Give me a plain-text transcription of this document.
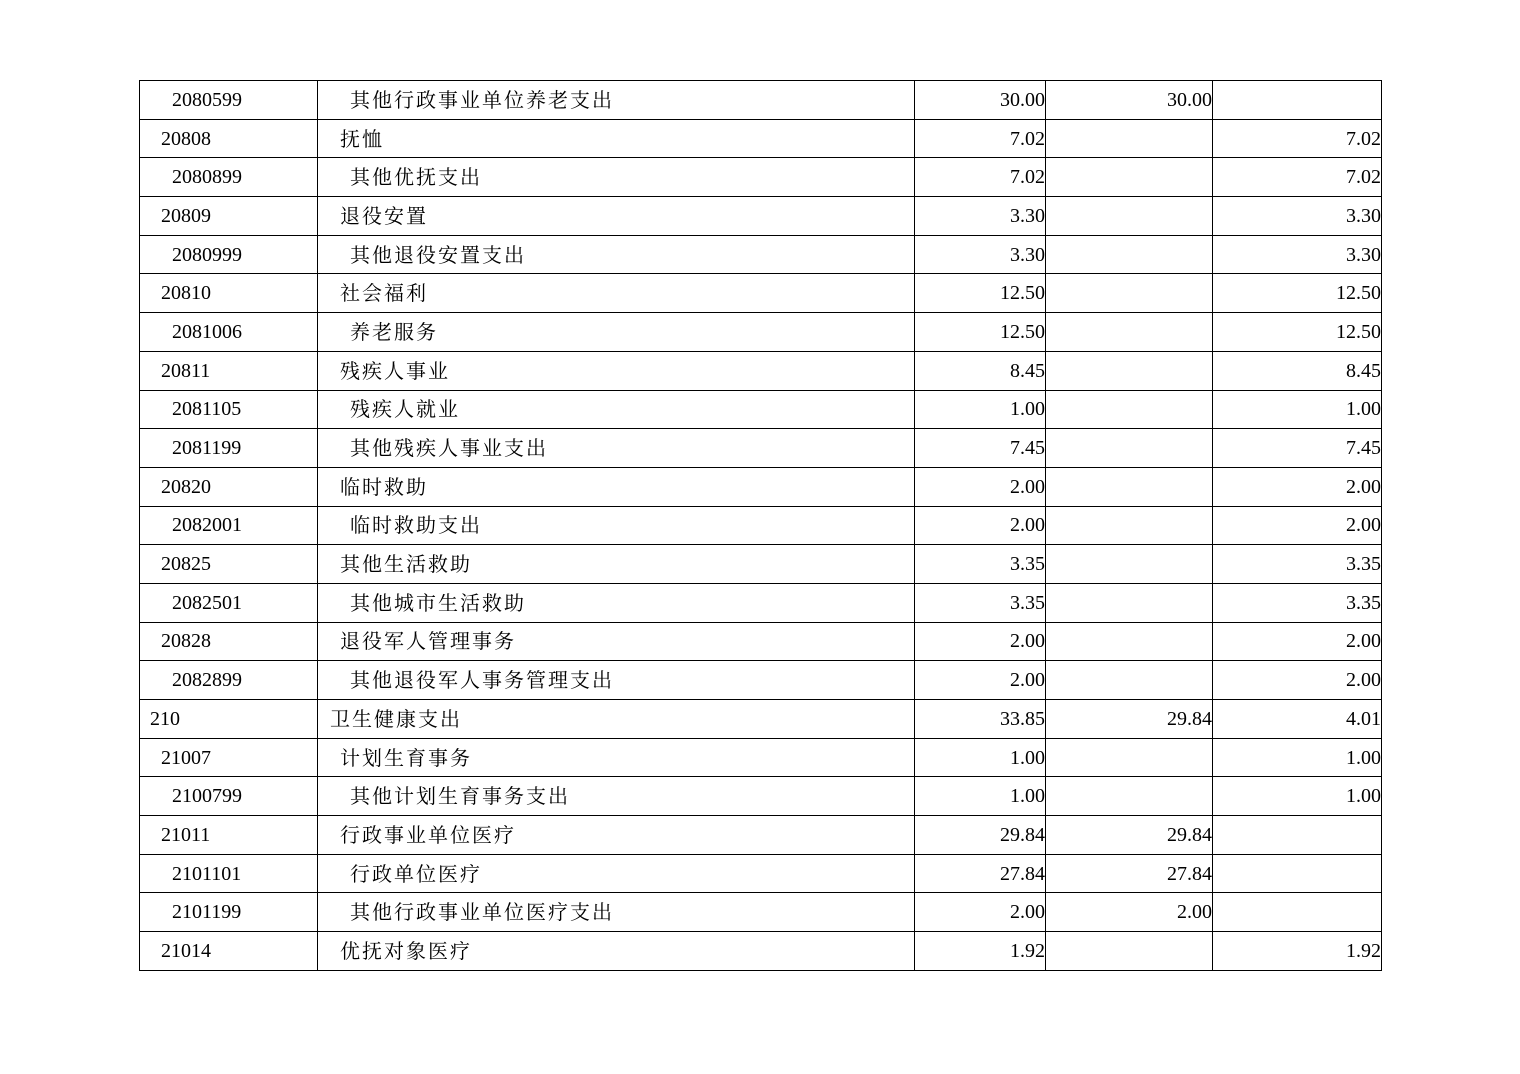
2080599	其他行政事业单位养老支出	30.00	30.00	
20808	抚恤	7.02		7.02
2080899	其他优抚支出	7.02		7.02
20809	退役安置	3.30		3.30
2080999	其他退役安置支出	3.30		3.30
20810	社会福利	12.50		12.50
2081006	养老服务	12.50		12.50
20811	残疾人事业	8.45		8.45
2081105	残疾人就业	1.00		1.00
2081199	其他残疾人事业支出	7.45		7.45
20820	临时救助	2.00		2.00
2082001	临时救助支出	2.00		2.00
20825	其他生活救助	3.35		3.35
2082501	其他城市生活救助	3.35		3.35
20828	退役军人管理事务	2.00		2.00
2082899	其他退役军人事务管理支出	2.00		2.00
210	卫生健康支出	33.85	29.84	4.01
21007	计划生育事务	1.00		1.00
2100799	其他计划生育事务支出	1.00		1.00
21011	行政事业单位医疗	29.84	29.84	
2101101	行政单位医疗	27.84	27.84	
2101199	其他行政事业单位医疗支出	2.00	2.00	
21014	优抚对象医疗	1.92		1.92
